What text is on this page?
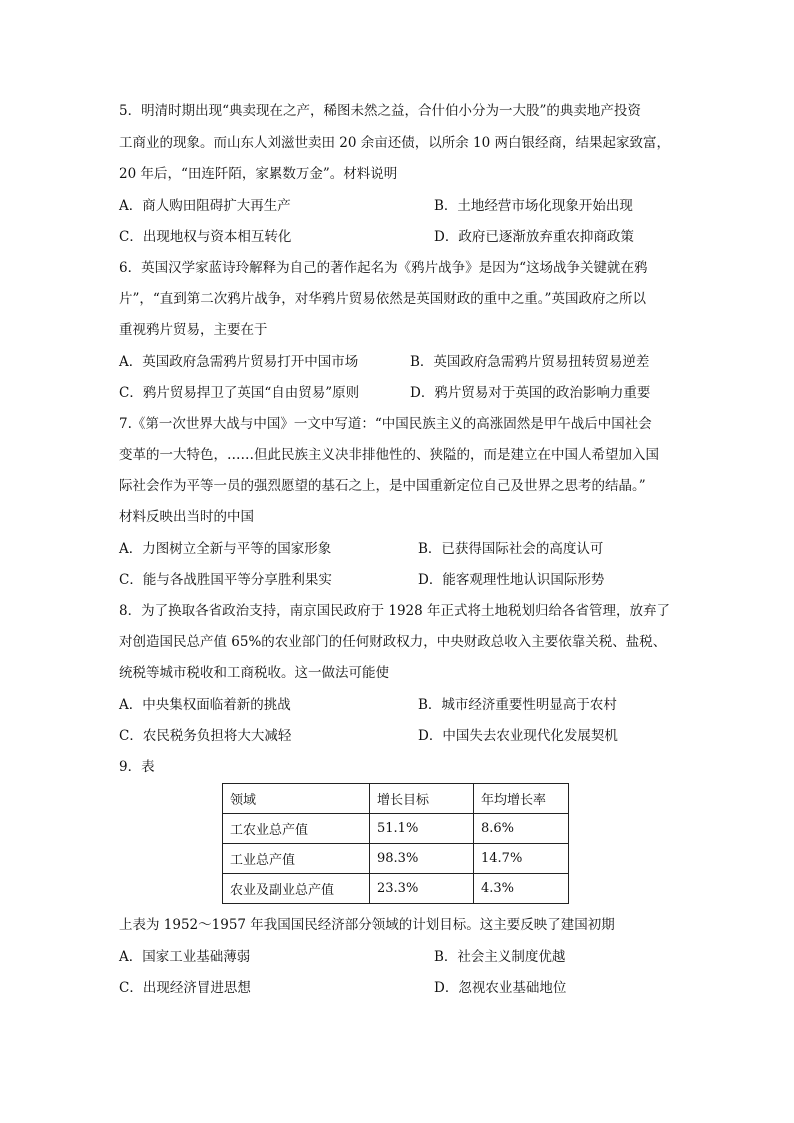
5．明清时期出现“典卖现在之产，稀图未然之益，合什伯小分为一大股”的典卖地产投资
工商业的现象。而山东人刘滋世卖田 20 余亩还债，以所余 10 两白银经商，结果起家致富，
20 年后，“田连阡陌，家累数万金”。材料说明
A．商人购田阻碍扩大再生产	B．土地经营市场化现象开始出现
C．出现地权与资本相互转化	D．政府已逐渐放弃重农抑商政策
6．英国汉学家蓝诗玲解释为自己的著作起名为《鸦片战争》是因为“这场战争关键就在鸦
片”，“直到第二次鸦片战争，对华鸦片贸易依然是英国财政的重中之重。”英国政府之所以
重视鸦片贸易，主要在于
A．英国政府急需鸦片贸易打开中国市场	B．英国政府急需鸦片贸易扭转贸易逆差
C．鸦片贸易捍卫了英国“自由贸易”原则	D．鸦片贸易对于英国的政治影响力重要
7.《第一次世界大战与中国》一文中写道：“中国民族主义的高涨固然是甲午战后中国社会
变革的一大特色，……但此民族主义决非排他性的、狭隘的，而是建立在中国人希望加入国
际社会作为平等一员的强烈愿望的基石之上，是中国重新定位自己及世界之思考的结晶。”
材料反映出当时的中国
A．力图树立全新与平等的国家形象	B．已获得国际社会的高度认可
C．能与各战胜国平等分享胜利果实	D．能客观理性地认识国际形势
8．为了换取各省政治支持，南京国民政府于 1928 年正式将土地税划归给各省管理，放弃了
对创造国民总产值 65%的农业部门的任何财政权力，中央财政总收入主要依靠关税、盐税、
统税等城市税收和工商税收。这一做法可能使
A．中央集权面临着新的挑战	B．城市经济重要性明显高于农村
C．农民税务负担将大大减轻	D．中国失去农业现代化发展契机
9．表
领域	增长目标	年均增长率
工农业总产值	51.1%	8.6%
工业总产值	98.3%	14.7%
农业及副业总产值	23.3%	4.3%
上表为 1952～1957 年我国国民经济部分领域的计划目标。这主要反映了建国初期
A．国家工业基础薄弱	B．社会主义制度优越
C．出现经济冒进思想	D．忽视农业基础地位
